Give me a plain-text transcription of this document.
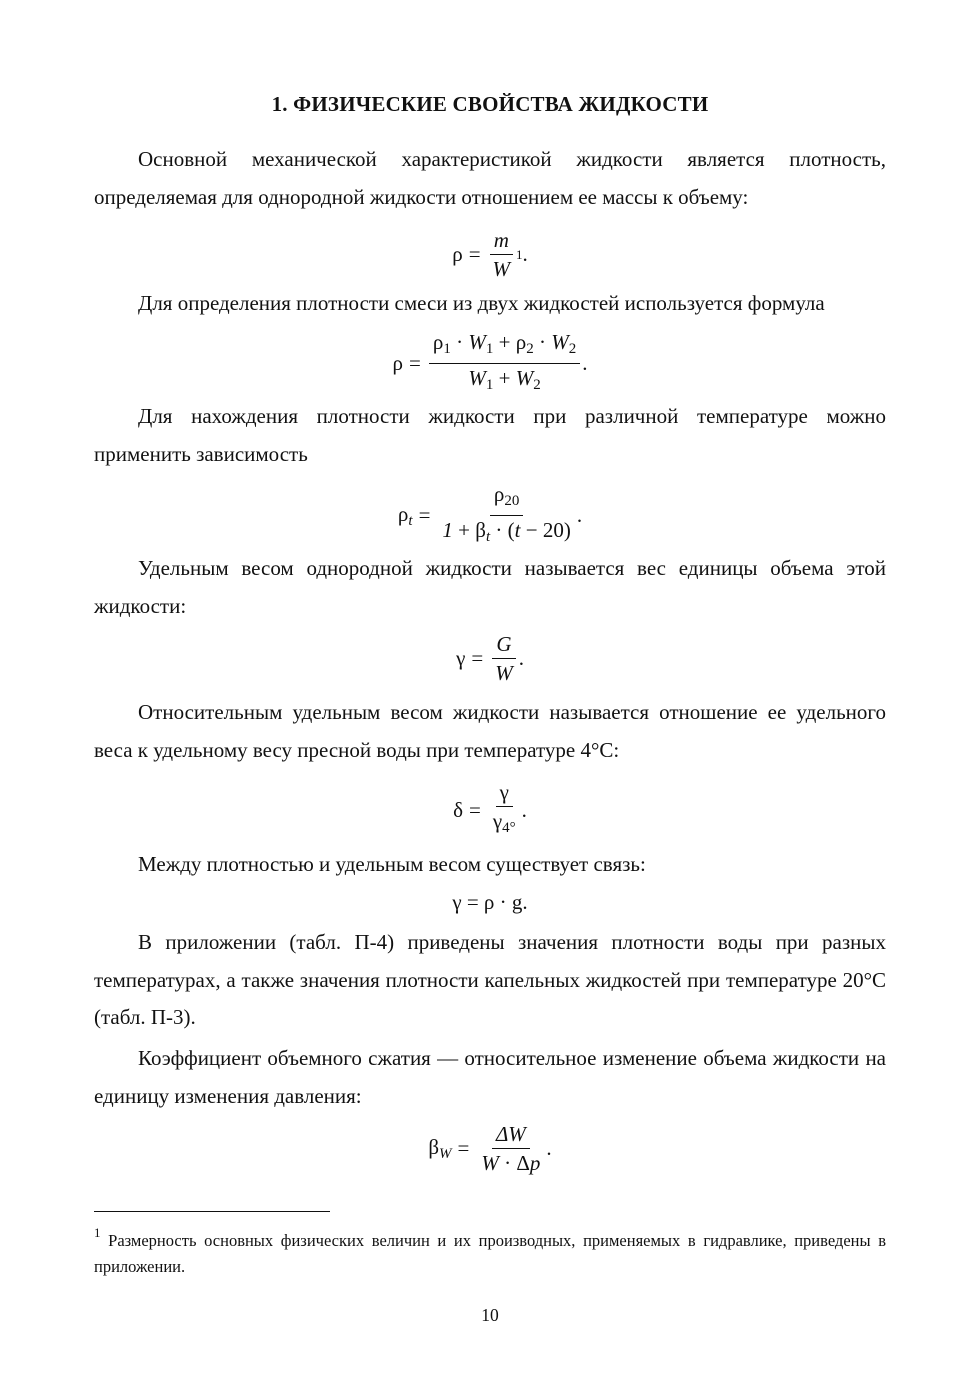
1. ФИЗИЧЕСКИЕ СВОЙСТВА ЖИДКОСТИ

Основной механической характеристикой жидкости является плотность, определяемая для однородной жидкости отношением ее массы к объему:

$\rho = \frac{m}{W} 1$ .

Для определения плотности смеси из двух жидкостей используется формула

ρ =
$\rho_1 \cdot W_1 + \rho_2 \cdot W_2$
$W_1 + W_2$
.

Для нахождения плотности жидкости при различной температуре можно применить зависимость

$\rho_t$ =
$\rho_{20}$
$1 + \beta_t \cdot (t - 20)$
.

Удельным весом однородной жидкости называется вес единицы объема этой жидкости:

$\gamma = \frac{G}{W}$ .

Относительным удельным весом жидкости называется отношение ее удельного веса к удельному весу пресной воды при температуре 4°С:

$\delta = \frac{\gamma}{\gamma_{4^\circ}}$ .

Между плотностью и удельным весом существует связь:

γ = ρ · g.

В приложении (табл. П-4) приведены значения плотности воды при разных температурах, а также значения плотности капельных жидкостей при температуре 20°С (табл. П-3).

Коэффициент объемного сжатия — относительное изменение объема жидкости на единицу изменения давления:

$\beta_W = \frac{\Delta W}{W \cdot \Delta p}$ .

$^1$ Размерность основных физических величин и их производных, применяемых в гидравлике, приведены в приложении.

10
